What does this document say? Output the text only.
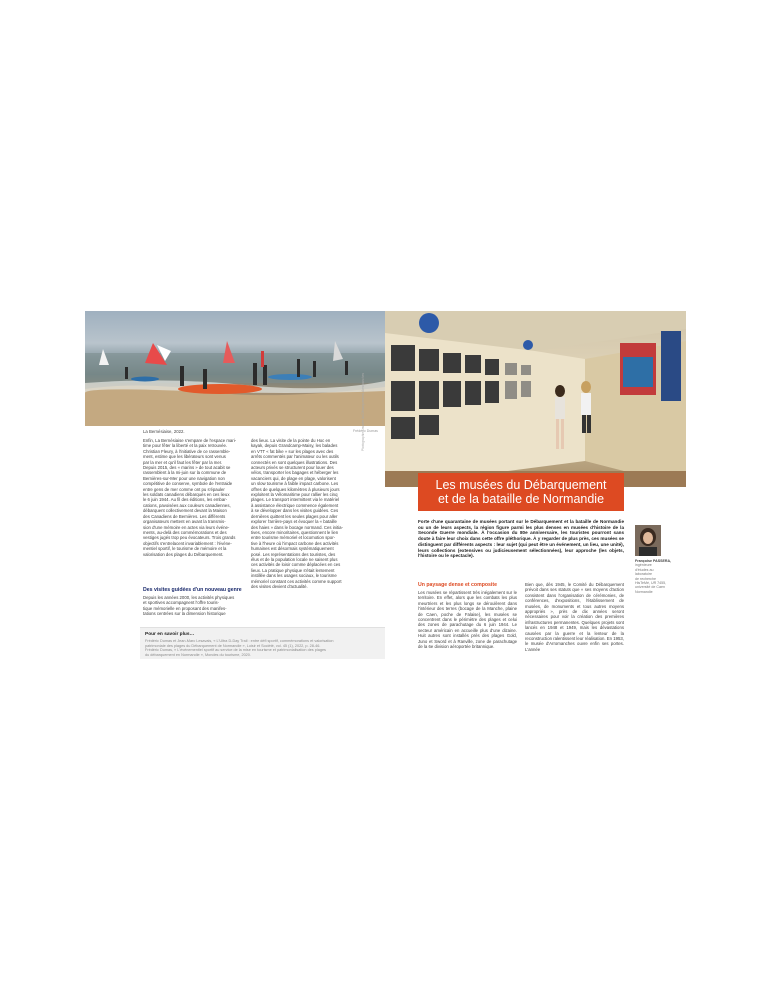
La Bernésiaise, 2022.	Frédéric Dumas
Photographie : musée du Débarquement, Arromanches
Enfin, La Bernésiaise s'empare de l'espace mari-
time pour fêter la liberté et la paix retrouvée.
Christian Fleury, à l'initiative de ce rassemble-
ment, estime que les libérateurs sont venus
par la mer et qu'il faut les fêter par la mer.
Depuis 2015, des « marins » de tout acabit se
rassemblent à la mi-juin sur la commune de
Bernières-sur-Mer pour une navigation non
compétitive de conserve, symbole de l'entraide
entre gens de mer comme ont pu s'épauler
les soldats canadiens débarqués en ces lieux
le 6 juin 1944. Au fil des éditions, les embar-
cations, pavoisées aux couleurs canadiennes,
débarquent collectivement devant la Maison
des Canadiens de Bernières. Les différents
organisateurs mettent en avant la transmis-
sion d'une mémoire en actes via leurs événe-
ments, au-delà des commémorations et des
vestiges jugés trop peu évocateurs. Trois grands
objectifs s'entrelacent invariablement : l'événe-
mentiel sportif, le tourisme de mémoire et la
valorisation des plages du Débarquement.
Des visites guidées d'un nouveau genre
Depuis les années 2000, les activités physiques
et sportives accompagnent l'offre touris-
tique mémorielle en proposant des manifes-
tations centrées sur la dimension historique
des lieux. La visite de la pointe du Hoc en
kayak, depuis Grandcamp-Maisy, les balades
en VTT « fat bike » sur les plages avec des
arrêts commentés par l'animateur ou les outils
connectés en sont quelques illustrations. Des
acteurs privés se structurent pour louer des
vélos, transporter les bagages et héberger les
vacanciers qui, de plage en plage, valorisent
un slow tourisme à faible impact carbone. Les
offres de quelques kilomètres à plusieurs jours
exploitent la Vélomaritime pour rallier les cinq
plages. Le transport intermittent via le matériel
à assistance électrique commence également
à se développer dans les visites guidées. Ces
dernières quittent les seules plages pour aller
explorer l'arrière-pays et évoquer la « bataille
des haies » dans le bocage normand. Ces initia-
tives, encore minoritaires, questionnent le lien
entre tourisme mémoriel et locomotion spor-
tive à l'heure où l'impact carbone des activités
humaines est désormais systématiquement
posé. Les représentations des touristes, des
élus et de la population locale ne saisent plus
ces activités de loisir comme déplacées en ces
lieux. La pratique physique s'était lentement
instillée dans les usages sociaux, le tourisme
mémoriel constant ces activités comme support
des visites devient d'actualité.
Pour en savoir plus…
Frédéric Dumas et Jean-Marc Lesavais, « L'Ultra D-Day Trail : entre défi sportif, commémorations et valorisation
patrimoniale des plages du Débarquement de Normandie », Loisir et Société, vol. 45 (1), 2022, p. 28-46.
Frédéric Dumas, « L'événementiel sportif au service de la mise en tourisme et patrimonialisation des plages
du débarquement en Normandie », Mondes du tourisme, 2020.
Les musées du Débarquement
et de la bataille de Normandie
Forte d'une quarantaine de musées portant sur le Débarquement et la bataille de Normandie ou un de leurs aspects, la région figure parmi les plus denses en musées d'histoire de la Seconde Guerre mondiale. À l'occasion du 80e anniversaire, les touristes pourront sans doute à faire leur choix dans cette offre pléthorique. À y regarder de plus près, ces musées se distinguent par différents aspects : leur sujet (qui peut être un événement, un lieu, une unité), leurs collections (extensives ou judicieusement sélectionnées), leur approche (les objets, l'histoire ou le spectacle).
Un paysage dense et composite
Les musées se répartissent très inégalement sur le territoire. En effet, alors que les combats les plus meurtriers et les plus longs se déroulèrent dans l'intérieur des terres (bocage de la Manche, plaine de Caen, poche de Falaise), les musées se concentrent dans le périmètre des plages et celui des zones de parachutage du 6 juin 1944. Le secteur américain en accueille plus d'une dizaine. Huit autres sont installés près des plages Gold, Juno et Sword et à Ranville, zone de parachutage de la 6e division aéroportée britannique.
Bien que, dès 1945, le Comité du Débarquement prévoit dans ses statuts que « ses moyens d'action consistent dans l'organisation de cérémonies, de conférences, d'expositions, l'établissement de musées, de monuments et tous autres moyens appropriés », près de dix années seront nécessaires pour voir la création des premières infrastructures permanentes. Quelques projets sont lancés en 1948 et 1949, mais les dévastations causées par la guerre et la lenteur de la reconstruction ralentissent leur réalisation. En 1953, le musée d'Arromanches ouvre enfin ses portes. L'année
Françoise PASSERA,
ingénieure
d'études au
laboratoire
de recherche
HisTeMé, UR 7455,
université de Caen
Normandie
